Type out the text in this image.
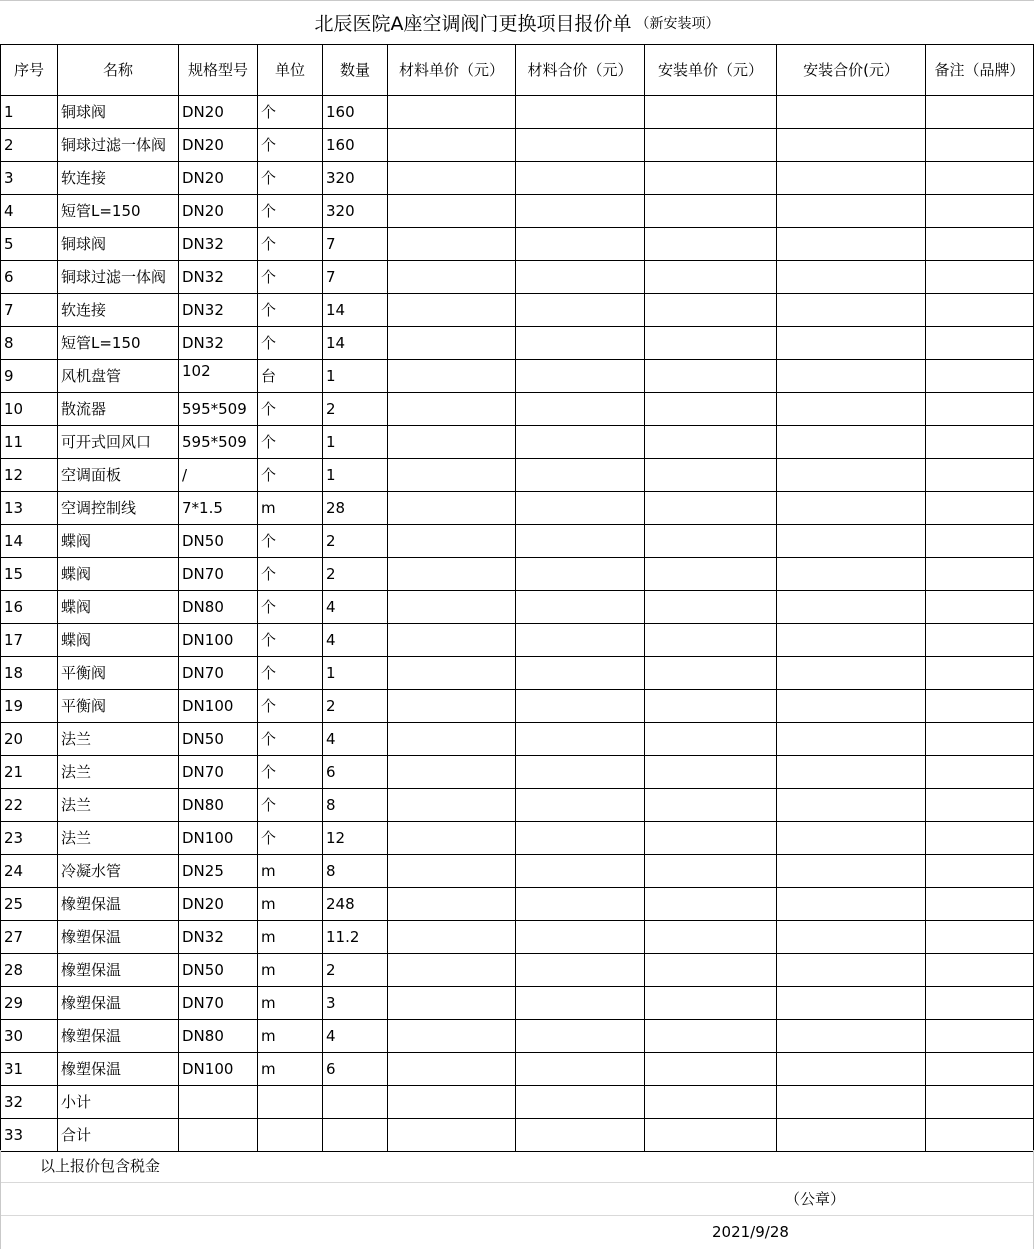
北辰医院A座空调阀门更换项目报价单 （新安装项）
序号	名称	规格型号	单位	数量	材料单价（元）	材料合价（元）	安装单价（元）	安装合价(元）	备注（品牌）
1	铜球阀	DN20	个	160					
2	铜球过滤一体阀	DN20	个	160					
3	软连接	DN20	个	320					
4	短管L=150	DN20	个	320					
5	铜球阀	DN32	个	7					
6	铜球过滤一体阀	DN32	个	7					
7	软连接	DN32	个	14					
8	短管L=150	DN32	个	14					
9	风机盘管	102	台	1					
10	散流器	595*509	个	2					
11	可开式回风口	595*509	个	1					
12	空调面板	/	个	1					
13	空调控制线	7*1.5	m	28					
14	蝶阀	DN50	个	2					
15	蝶阀	DN70	个	2					
16	蝶阀	DN80	个	4					
17	蝶阀	DN100	个	4					
18	平衡阀	DN70	个	1					
19	平衡阀	DN100	个	2					
20	法兰	DN50	个	4					
21	法兰	DN70	个	6					
22	法兰	DN80	个	8					
23	法兰	DN100	个	12					
24	冷凝水管	DN25	m	8					
25	橡塑保温	DN20	m	248					
27	橡塑保温	DN32	m	11.2					
28	橡塑保温	DN50	m	2					
29	橡塑保温	DN70	m	3					
30	橡塑保温	DN80	m	4					
31	橡塑保温	DN100	m	6					
32	小计								
33	合计								
以上报价包含税金
（公章）
2021/9/28
